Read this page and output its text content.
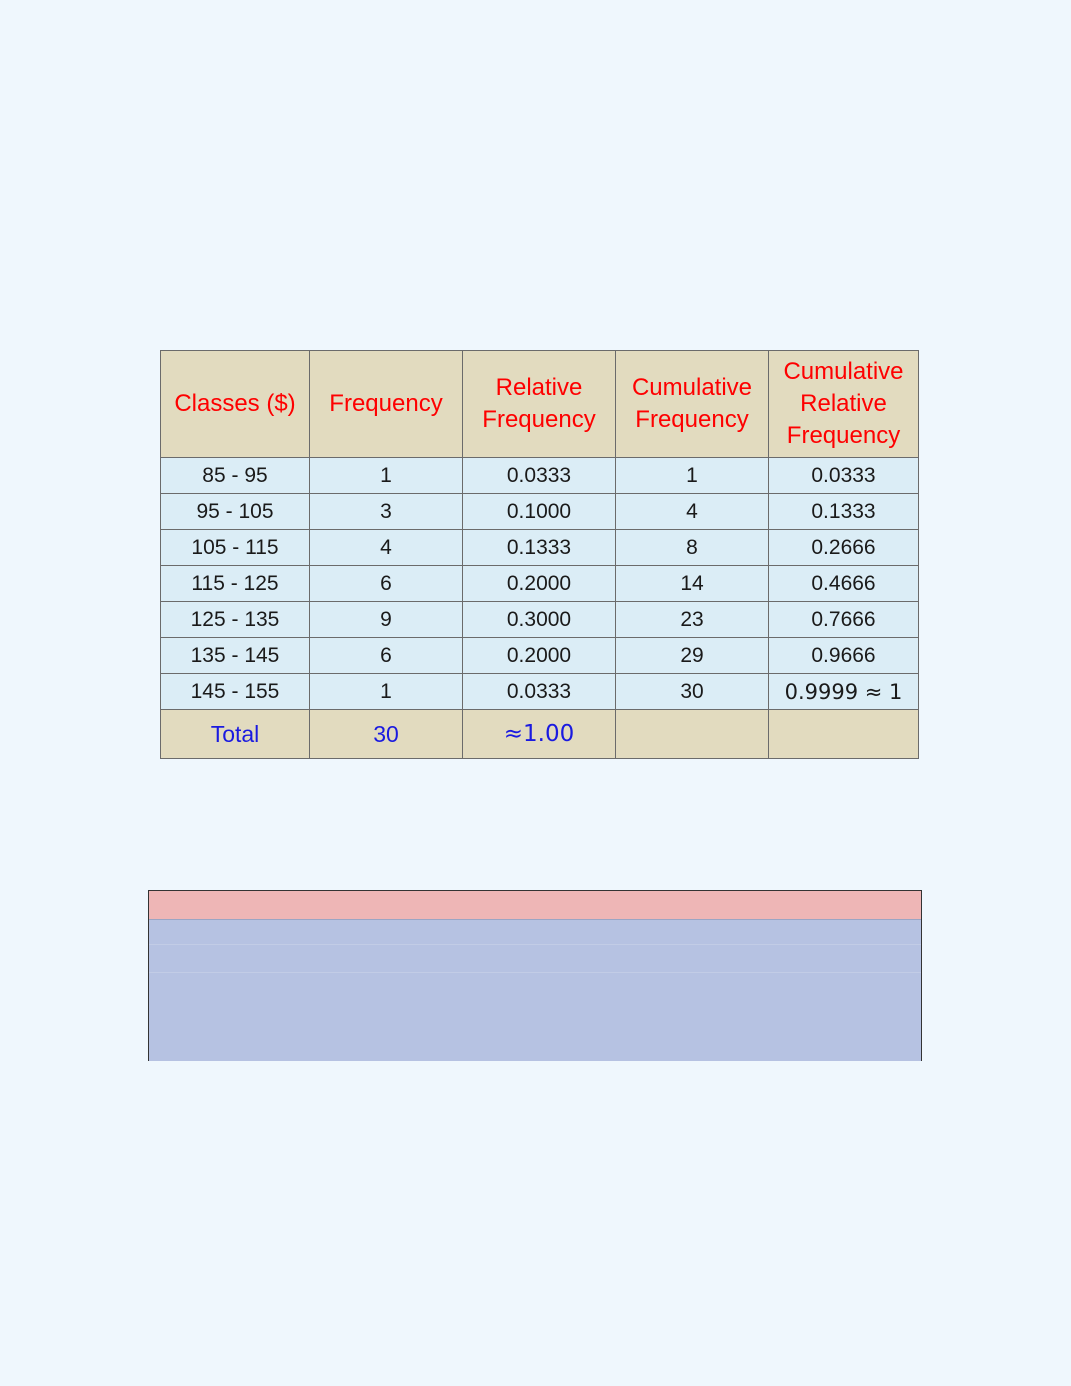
Classes ($)	Frequency	Relative Frequency	Cumulative Frequency	Cumulative Relative Frequency
85 - 95	1	0.0333	1	0.0333
95 - 105	3	0.1000	4	0.1333
105 - 115	4	0.1333	8	0.2666
115 - 125	6	0.2000	14	0.4666
125 - 135	9	0.3000	23	0.7666
135 - 145	6	0.2000	29	0.9666
145 - 155	1	0.0333	30	0.9999 ≈ 1
Total	30	≈1.00		
